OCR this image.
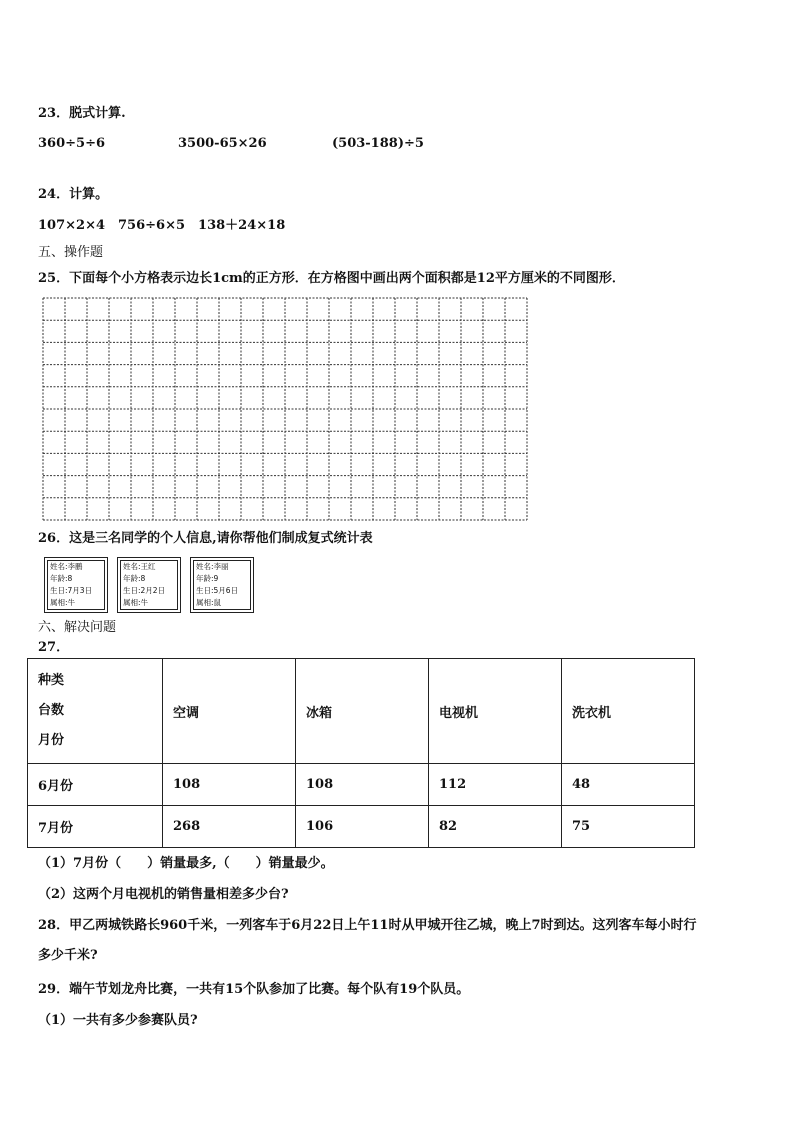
23．脱式计算.
360÷5÷6	3500-65×26	(503-188)÷5
24．计算。
107×2×4　756÷6×5　138＋24×18
五、操作题
25．下面每个小方格表示边长1cm的正方形．在方格图中画出两个面积都是12平方厘米的不同图形．
26．这是三名同学的个人信息,请你帮他们制成复式统计表
姓名:李鹏
年龄:8
生日:7月3日
属相:牛
姓名:王红
年龄:8
生日:2月2日
属相:牛
姓名:李丽
年龄:9
生日:5月6日
属相:鼠
六、解决问题
27．
种类
台数
月份	空调	冰箱	电视机	洗衣机
6月份	108	108	112	48
7月份	268	106	82	75
（1）7月份（　　）销量最多,（　　）销量最少。
（2）这两个月电视机的销售量相差多少台?
28．甲乙两城铁路长960千米，一列客车于6月22日上午11时从甲城开往乙城，晚上7时到达。这列客车每小时行
多少千米?
29．端午节划龙舟比赛，一共有15个队参加了比赛。每个队有19个队员。
（1）一共有多少参赛队员?
